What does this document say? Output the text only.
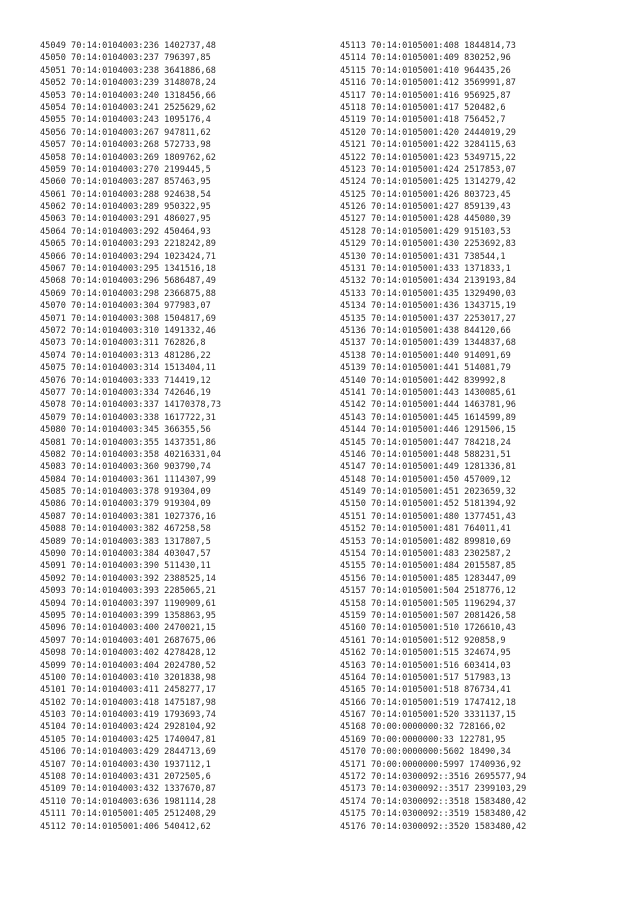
45049 70:14:0104003:236 1402737,48
45050 70:14:0104003:237 796397,85
45051 70:14:0104003:238 3641886,68
45052 70:14:0104003:239 3148078,24
45053 70:14:0104003:240 1318456,66
45054 70:14:0104003:241 2525629,62
45055 70:14:0104003:243 1095176,4
45056 70:14:0104003:267 947811,62
45057 70:14:0104003:268 572733,98
45058 70:14:0104003:269 1809762,62
45059 70:14:0104003:270 2199445,5
45060 70:14:0104003:287 857463,95
45061 70:14:0104003:288 924638,54
45062 70:14:0104003:289 950322,95
45063 70:14:0104003:291 486027,95
45064 70:14:0104003:292 450464,93
45065 70:14:0104003:293 2218242,89
45066 70:14:0104003:294 1023424,71
45067 70:14:0104003:295 1341516,18
45068 70:14:0104003:296 5686487,49
45069 70:14:0104003:298 2366875,88
45070 70:14:0104003:304 977983,07
45071 70:14:0104003:308 1504817,69
45072 70:14:0104003:310 1491332,46
45073 70:14:0104003:311 762826,8
45074 70:14:0104003:313 481286,22
45075 70:14:0104003:314 1513404,11
45076 70:14:0104003:333 714419,12
45077 70:14:0104003:334 742646,19
45078 70:14:0104003:337 14170378,73
45079 70:14:0104003:338 1617722,31
45080 70:14:0104003:345 366355,56
45081 70:14:0104003:355 1437351,86
45082 70:14:0104003:358 40216331,04
45083 70:14:0104003:360 903790,74
45084 70:14:0104003:361 1114307,99
45085 70:14:0104003:378 919304,09
45086 70:14:0104003:379 919304,09
45087 70:14:0104003:381 1027376,16
45088 70:14:0104003:382 467258,58
45089 70:14:0104003:383 1317807,5
45090 70:14:0104003:384 403047,57
45091 70:14:0104003:390 511430,11
45092 70:14:0104003:392 2388525,14
45093 70:14:0104003:393 2285065,21
45094 70:14:0104003:397 1190909,61
45095 70:14:0104003:399 1358863,95
45096 70:14:0104003:400 2470021,15
45097 70:14:0104003:401 2687675,06
45098 70:14:0104003:402 4278428,12
45099 70:14:0104003:404 2024780,52
45100 70:14:0104003:410 3201838,98
45101 70:14:0104003:411 2458277,17
45102 70:14:0104003:418 1475187,98
45103 70:14:0104003:419 1793693,74
45104 70:14:0104003:424 2928104,92
45105 70:14:0104003:425 1740047,81
45106 70:14:0104003:429 2844713,69
45107 70:14:0104003:430 1937112,1
45108 70:14:0104003:431 2072505,6
45109 70:14:0104003:432 1337670,87
45110 70:14:0104003:636 1981114,28
45111 70:14:0105001:405 2512408,29
45112 70:14:0105001:406 540412,62
45113 70:14:0105001:408 1844814,73
45114 70:14:0105001:409 830252,96
45115 70:14:0105001:410 964435,26
45116 70:14:0105001:412 3569991,87
45117 70:14:0105001:416 956925,87
45118 70:14:0105001:417 520482,6
45119 70:14:0105001:418 756452,7
45120 70:14:0105001:420 2444019,29
45121 70:14:0105001:422 3284115,63
45122 70:14:0105001:423 5349715,22
45123 70:14:0105001:424 2517853,07
45124 70:14:0105001:425 1314279,42
45125 70:14:0105001:426 803723,45
45126 70:14:0105001:427 859139,43
45127 70:14:0105001:428 445080,39
45128 70:14:0105001:429 915103,53
45129 70:14:0105001:430 2253692,83
45130 70:14:0105001:431 738544,1
45131 70:14:0105001:433 1371833,1
45132 70:14:0105001:434 2139193,84
45133 70:14:0105001:435 1329490,03
45134 70:14:0105001:436 1343715,19
45135 70:14:0105001:437 2253017,27
45136 70:14:0105001:438 844120,66
45137 70:14:0105001:439 1344837,68
45138 70:14:0105001:440 914091,69
45139 70:14:0105001:441 514081,79
45140 70:14:0105001:442 839992,8
45141 70:14:0105001:443 1430085,61
45142 70:14:0105001:444 1463781,96
45143 70:14:0105001:445 1614599,89
45144 70:14:0105001:446 1291506,15
45145 70:14:0105001:447 784218,24
45146 70:14:0105001:448 588231,51
45147 70:14:0105001:449 1281336,81
45148 70:14:0105001:450 457009,12
45149 70:14:0105001:451 2023659,32
45150 70:14:0105001:452 5181394,92
45151 70:14:0105001:480 1377451,43
45152 70:14:0105001:481 764011,41
45153 70:14:0105001:482 899810,69
45154 70:14:0105001:483 2302587,2
45155 70:14:0105001:484 2015587,85
45156 70:14:0105001:485 1283447,09
45157 70:14:0105001:504 2518776,12
45158 70:14:0105001:505 1196294,37
45159 70:14:0105001:507 2081426,58
45160 70:14:0105001:510 1726610,43
45161 70:14:0105001:512 920858,9
45162 70:14:0105001:515 324674,95
45163 70:14:0105001:516 603414,03
45164 70:14:0105001:517 517983,13
45165 70:14:0105001:518 876734,41
45166 70:14:0105001:519 1747412,18
45167 70:14:0105001:520 3331137,15
45168 70:00:0000000:32 728166,02
45169 70:00:0000000:33 122781,95
45170 70:00:0000000:5602 18490,34
45171 70:00:0000000:5997 1740936,92
45172 70:14:0300092::3516 2695577,94
45173 70:14:0300092::3517 2399103,29
45174 70:14:0300092::3518 1583480,42
45175 70:14:0300092::3519 1583480,42
45176 70:14:0300092::3520 1583480,42
